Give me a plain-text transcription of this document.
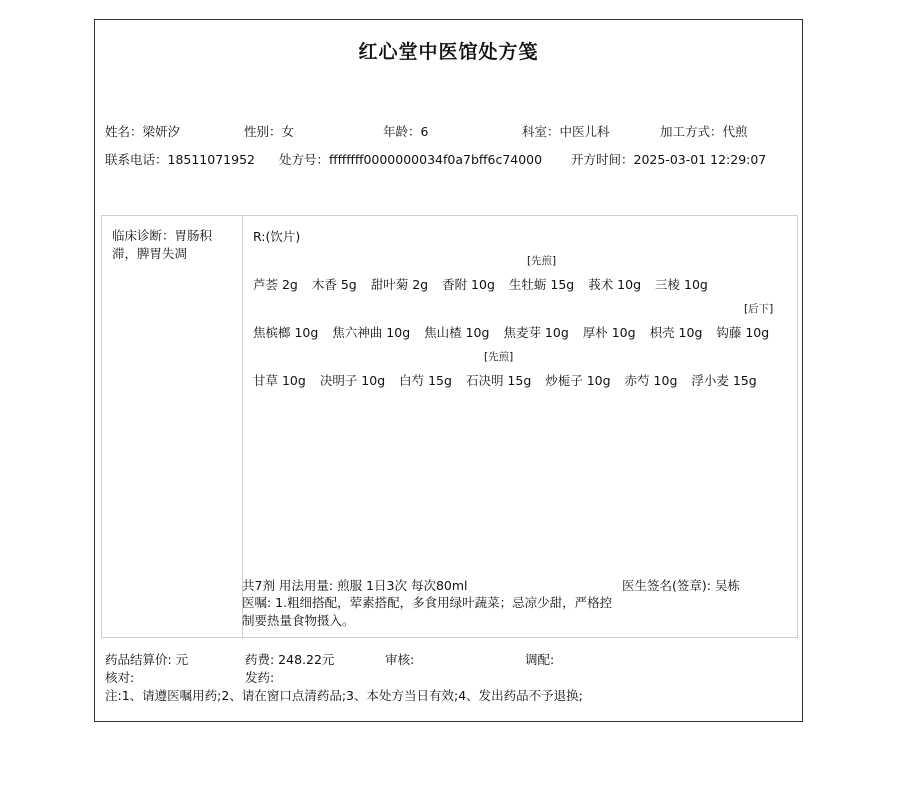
红心堂中医馆处方笺
姓名：梁妍汐	性别：女	年龄：6	科室：中医儿科	加工方式：代煎
联系电话：18511071952 处方号：ffffffff0000000034f0a7bff6c74000 开方时间：2025-03-01 12:29:07
临床诊断：胃肠积滞，脾胃失凋
R:(饮片)
芦荟 2g 木香 5g 甜叶菊 2g 香附 10g 生牡蛎 15g
[先煎]
莪术 10g 三棱 10g
焦槟榔 10g 焦六神曲 10g 焦山楂 10g 焦麦芽 10g 厚朴 10g 枳壳 10g 钩藤 10g
[后下]
甘草 10g 决明子 10g 白芍 15g 石决明 15g
[先煎]
炒栀子 10g 赤芍 10g 浮小麦 15g
共7剂 用法用量: 煎服 1日3次 每次80ml	医生签名(签章): 吴栋
医嘱: 1.粗细搭配，荤素搭配，多食用绿叶蔬菜；忌凉少甜，严格控制要热量食物摄入。
药品结算价: 元	药费: 248.22元	审核:	调配:
核对:	发药:
注:1、请遵医嘱用药;2、请在窗口点清药品;3、本处方当日有效;4、发出药品不予退换;
